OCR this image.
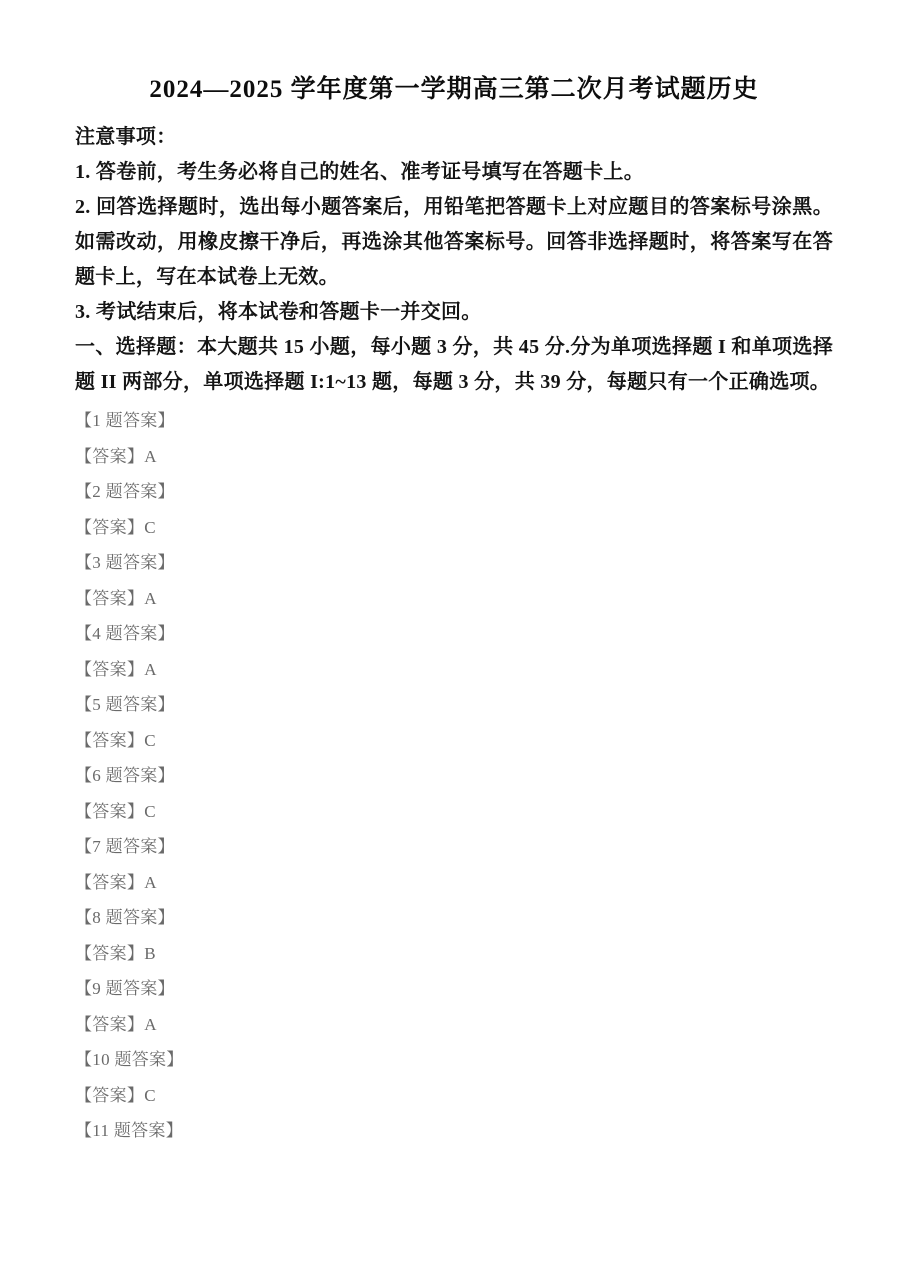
2024—2025 学年度第一学期高三第二次月考试题历史

注意事项：

1. 答卷前，考生务必将自己的姓名、准考证号填写在答题卡上。

2. 回答选择题时，选出每小题答案后，用铅笔把答题卡上对应题目的答案标号涂黑。如需改动，用橡皮擦干净后，再选涂其他答案标号。回答非选择题时，将答案写在答题卡上，写在本试卷上无效。

3. 考试结束后，将本试卷和答题卡一并交回。

一、选择题：本大题共 15 小题，每小题 3 分，共 45 分.分为单项选择题 I 和单项选择题 II 两部分，单项选择题 I:1~13 题，每题 3 分，共 39 分，每题只有一个正确选项。

【1 题答案】
【答案】A
【2 题答案】
【答案】C
【3 题答案】
【答案】A
【4 题答案】
【答案】A
【5 题答案】
【答案】C
【6 题答案】
【答案】C
【7 题答案】
【答案】A
【8 题答案】
【答案】B
【9 题答案】
【答案】A
【10 题答案】
【答案】C
【11 题答案】
